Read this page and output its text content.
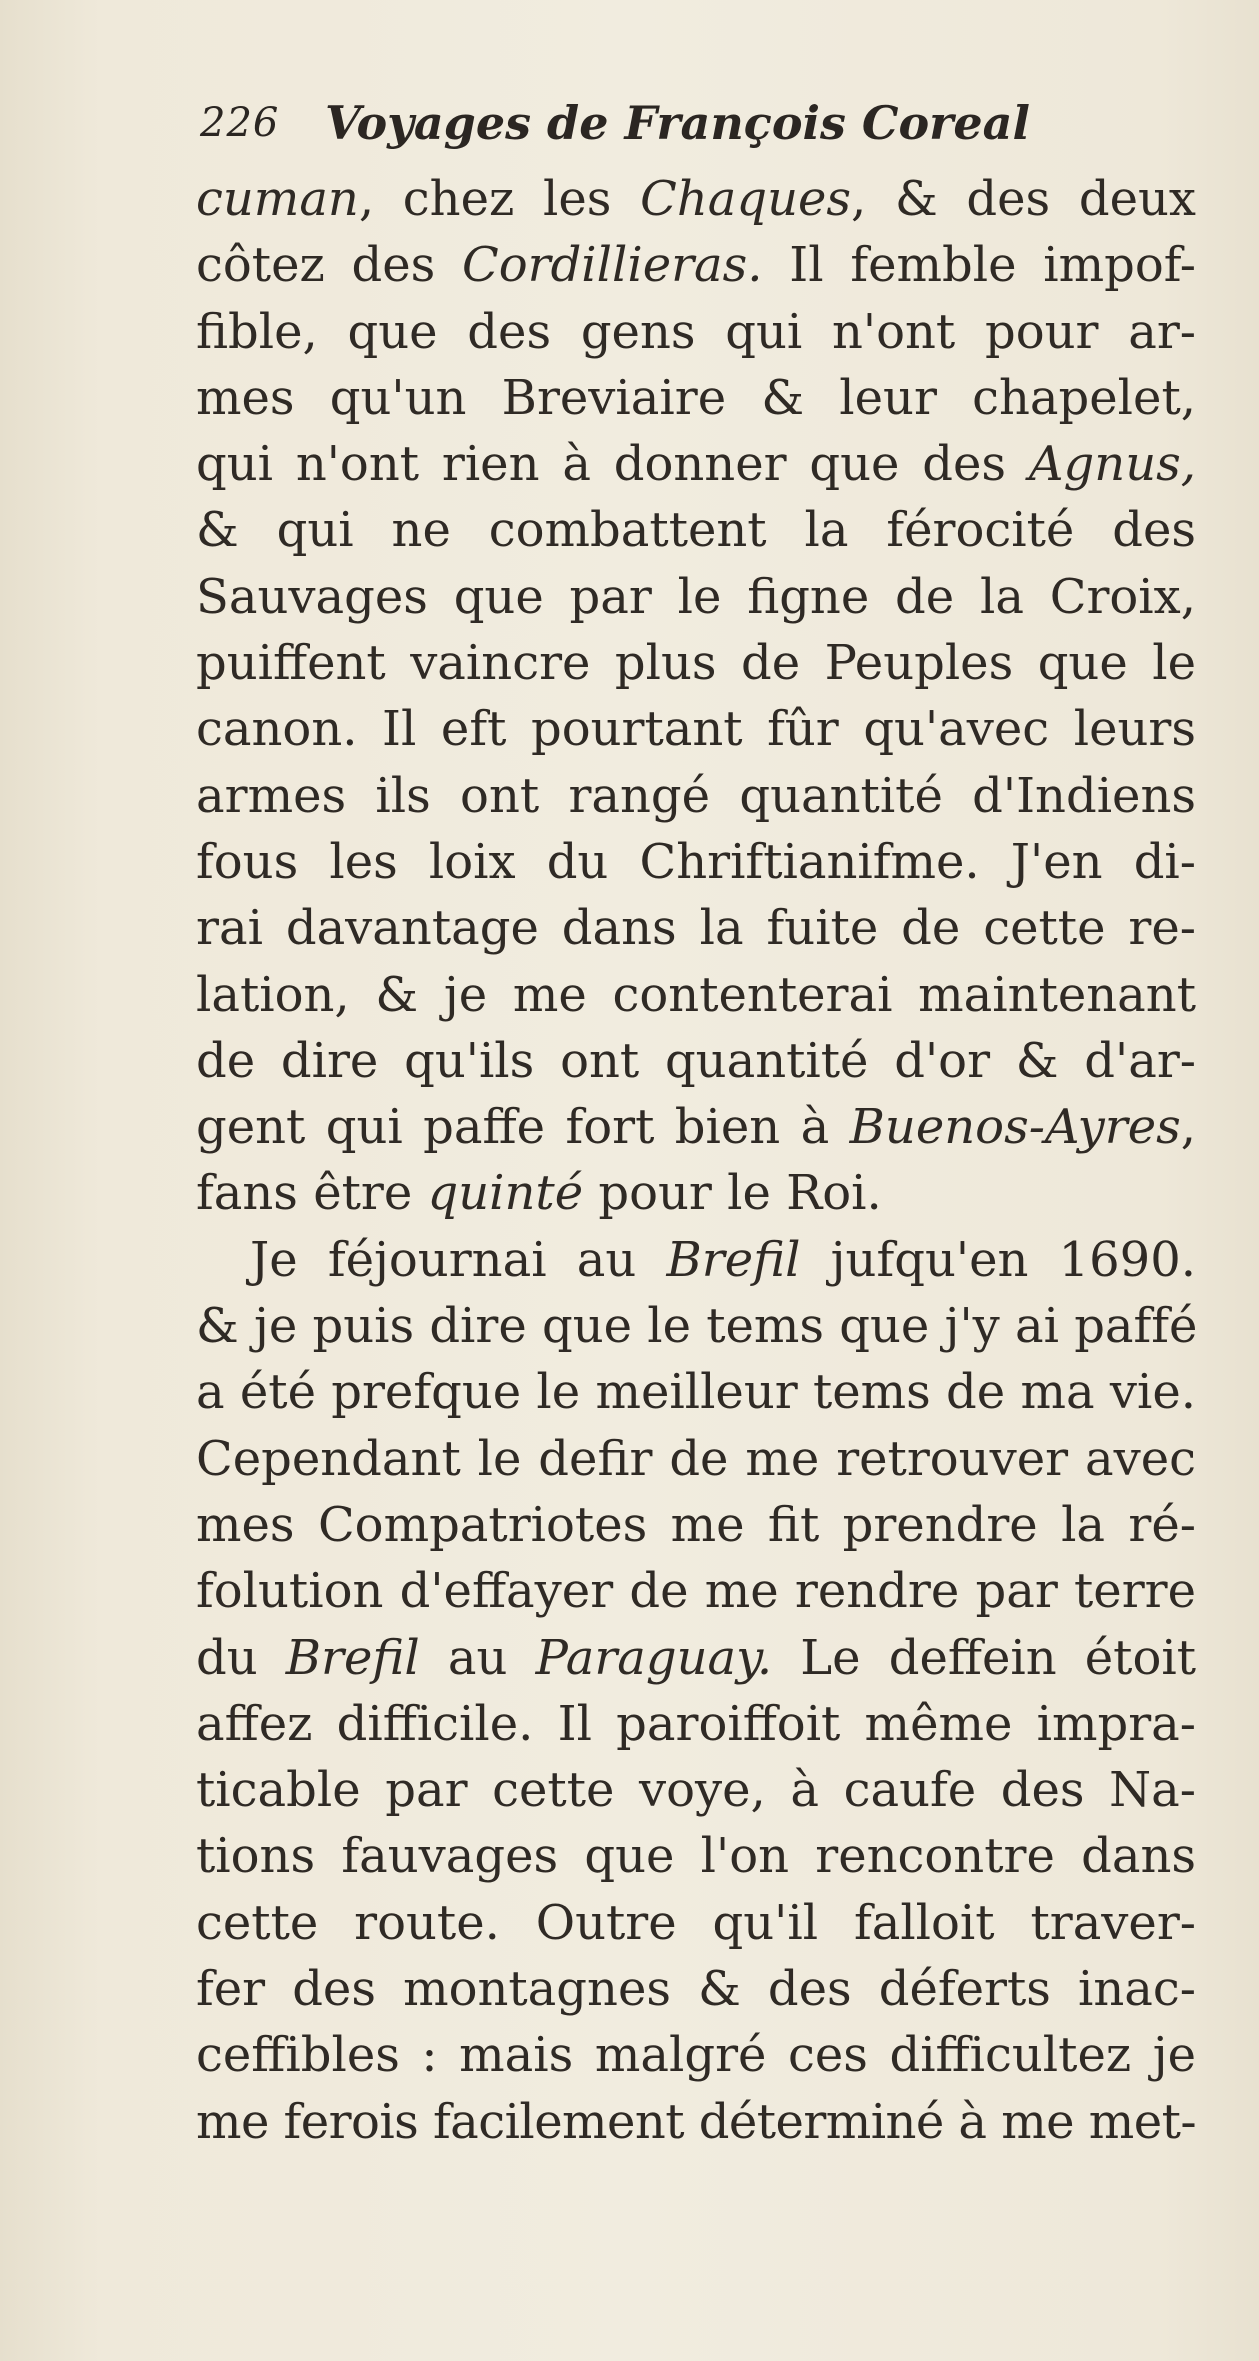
226 Voyages de François Coreal
cuman, chez les Chaques, & des deux
côtez des Cordillieras. Il femble impof-
fible, que des gens qui n'ont pour ar-
mes qu'un Breviaire & leur chapelet,
qui n'ont rien à donner que des Agnus,
& qui ne combattent la férocité des
Sauvages que par le figne de la Croix,
puiffent vaincre plus de Peuples que le
canon. Il eft pourtant fûr qu'avec leurs
armes ils ont rangé quantité d'Indiens
fous les loix du Chriftianifme. J'en di-
rai davantage dans la fuite de cette re-
lation, & je me contenterai maintenant
de dire qu'ils ont quantité d'or & d'ar-
gent qui paffe fort bien à Buenos-Ayres,
fans être quinté pour le Roi.
Je féjournai au Brefil jufqu'en 1690.
& je puis dire que le tems que j'y ai paffé
a été prefque le meilleur tems de ma vie.
Cependant le defir de me retrouver avec
mes Compatriotes me fit prendre la ré-
folution d'effayer de me rendre par terre
du Brefil au Paraguay. Le deffein étoit
affez difficile. Il paroiffoit même impra-
ticable par cette voye, à caufe des Na-
tions fauvages que l'on rencontre dans
cette route. Outre qu'il falloit traver-
fer des montagnes & des déferts inac-
ceffibles : mais malgré ces difficultez je
me ferois facilement déterminé à me met-
